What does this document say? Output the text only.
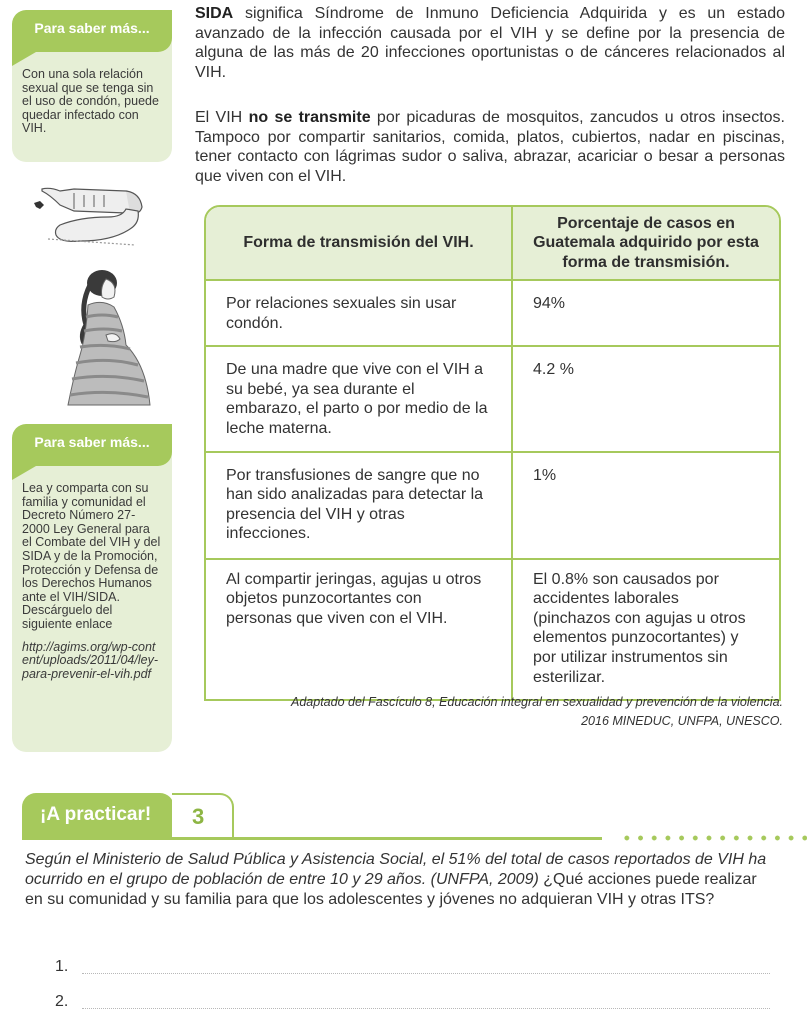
Para saber más...

Con una sola relación sexual que se tenga sin el uso de condón, puede quedar infectado con VIH.

Para saber más...

Lea y comparta con su familia y comunidad el Decreto Número 27-2000 Ley General para el Combate del VIH y del SIDA y de la Promoción, Protección y Defensa de los Derechos Humanos ante el VIH/SIDA. Descárguelo del siguiente enlace

http://agims.org/wp-content/uploads/2011/04/ley-para-prevenir-el-vih.pdf

SIDA significa Síndrome de Inmuno Deficiencia Adquirida y es un estado avanzado de la infección causada por el VIH y se define por la presencia de alguna de las más de 20 infecciones oportunistas o de cánceres relacionados al VIH.

El VIH no se transmite por picaduras de mosquitos, zancudos u otros insectos. Tampoco por compartir sanitarios, comida, platos, cubiertos, nadar en piscinas, tener contacto con lágrimas sudor o saliva, abrazar, acariciar o besar a personas que viven con el VIH.

Forma de transmisión del VIH.	Porcentaje de casos en Guatemala adquirido por esta forma de transmisión.
Por relaciones sexuales sin usar condón.	94%
De una madre que vive con el VIH a su bebé, ya sea durante el embarazo, el parto o por medio de la leche materna.	4.2 %
Por transfusiones de sangre que no han sido analizadas para detectar la presencia del VIH y otras infecciones.	1%
Al compartir jeringas, agujas u otros objetos punzocortantes con personas que viven con el VIH.	El 0.8% son causados por accidentes laborales (pinchazos con agujas u otros elementos punzocortantes) y por utilizar instrumentos sin esterilizar.
Adaptado del Fascículo 8, Educación integral en sexualidad y prevención de la violencia.
2016 MINEDUC, UNFPA, UNESCO.
¡A practicar! 3

Según el Ministerio de Salud Pública y Asistencia Social, el 51% del total de casos reportados de VIH ha ocurrido en el grupo de población de entre 10 y 29 años. (UNFPA, 2009) ¿Qué acciones puede realizar en su comunidad y su familia para que los adolescentes y jóvenes no adquieran VIH y otras ITS?

1.
2.
